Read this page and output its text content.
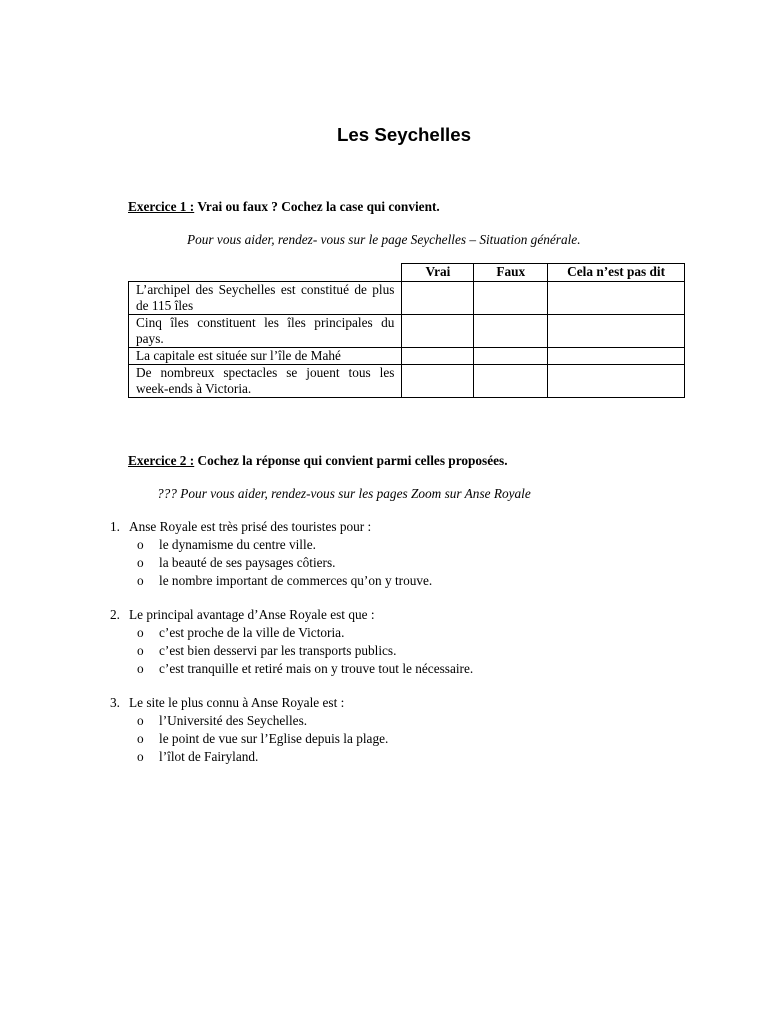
Les Seychelles
Exercice 1 : Vrai ou faux ? Cochez la case qui convient.
Pour vous aider, rendez- vous sur le page Seychelles – Situation générale.
	Vrai	Faux	Cela n’est pas dit
L’archipel des Seychelles est constitué de plus de 115 îles			
Cinq îles constituent les îles principales du pays.			
La capitale est située sur l’île de Mahé			
De nombreux spectacles se jouent tous les week-ends à Victoria.			
Exercice 2 : Cochez la réponse qui convient parmi celles proposées.
??? Pour vous aider, rendez-vous sur les pages Zoom sur Anse Royale
1. Anse Royale est très prisé des touristes pour :
o le dynamisme du centre ville.
o la beauté de ses paysages côtiers.
o le nombre important de commerces qu’on y trouve.
2. Le principal avantage d’Anse Royale est que :
o c’est proche de la ville de Victoria.
o c’est bien desservi par les transports publics.
o c’est tranquille et retiré mais on y trouve tout le nécessaire.
3. Le site le plus connu à Anse Royale est :
o l’Université des Seychelles.
o le point de vue sur l’Eglise depuis la plage.
o l’îlot de Fairyland.
